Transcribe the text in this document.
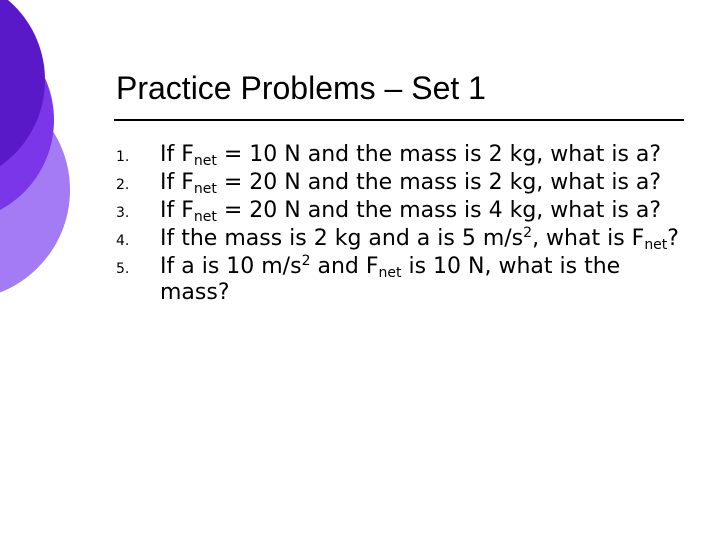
Practice Problems – Set 1
1.	If $F_{net} = 10$ N and the mass is 2 kg, what is a?
2.	If $F_{net} = 20$ N and the mass is 2 kg, what is a?
3.	If $F_{net} = 20$ N and the mass is 4 kg, what is a?
4.	If the mass is 2 kg and a is 5 $m/s^2$, what is $F_{net}$?
5.	If a is 10 $m/s^2$ and $F_{net}$ is 10 N, what is the mass?
